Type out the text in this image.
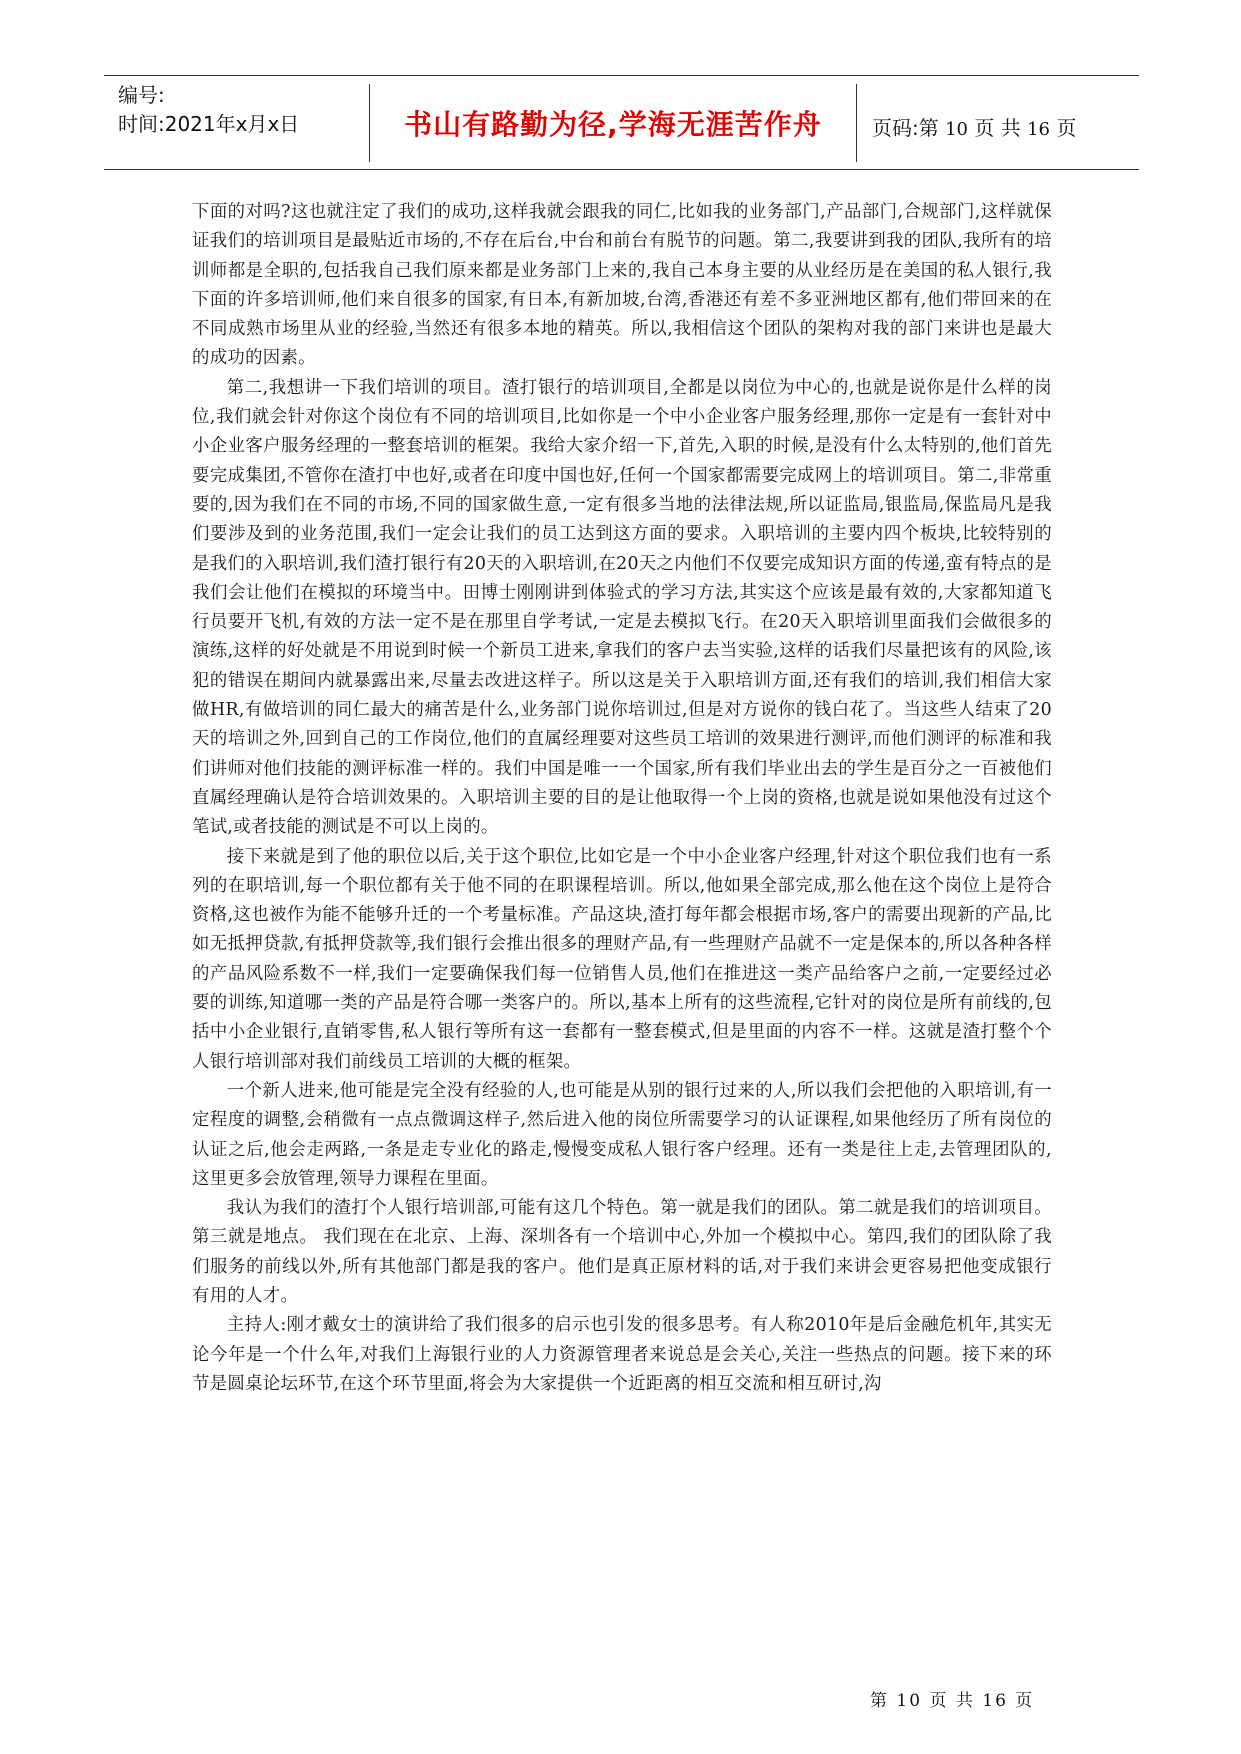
编号:
时间:2021年x月x日	书山有路勤为径,学海无涯苦作舟	页码:第 10 页 共 16 页

下面的对吗?这也就注定了我们的成功,这样我就会跟我的同仁,比如我的业务部门,产品部门,合规部门,这样就保证我们的培训项目是最贴近市场的,不存在后台,中台和前台有脱节的问题。第二,我要讲到我的团队,我所有的培训师都是全职的,包括我自己我们原来都是业务部门上来的,我自己本身主要的从业经历是在美国的私人银行,我下面的许多培训师,他们来自很多的国家,有日本,有新加坡,台湾,香港还有差不多亚洲地区都有,他们带回来的在不同成熟市场里从业的经验,当然还有很多本地的精英。所以,我相信这个团队的架构对我的部门来讲也是最大的成功的因素。

第二,我想讲一下我们培训的项目。渣打银行的培训项目,全都是以岗位为中心的,也就是说你是什么样的岗位,我们就会针对你这个岗位有不同的培训项目,比如你是一个中小企业客户服务经理,那你一定是有一套针对中小企业客户服务经理的一整套培训的框架。我给大家介绍一下,首先,入职的时候,是没有什么太特别的,他们首先要完成集团,不管你在渣打中也好,或者在印度中国也好,任何一个国家都需要完成网上的培训项目。第二,非常重要的,因为我们在不同的市场,不同的国家做生意,一定有很多当地的法律法规,所以证监局,银监局,保监局凡是我们要涉及到的业务范围,我们一定会让我们的员工达到这方面的要求。入职培训的主要内四个板块,比较特别的是我们的入职培训,我们渣打银行有20天的入职培训,在20天之内他们不仅要完成知识方面的传递,蛮有特点的是我们会让他们在模拟的环境当中。田博士刚刚讲到体验式的学习方法,其实这个应该是最有效的,大家都知道飞行员要开飞机,有效的方法一定不是在那里自学考试,一定是去模拟飞行。在20天入职培训里面我们会做很多的演练,这样的好处就是不用说到时候一个新员工进来,拿我们的客户去当实验,这样的话我们尽量把该有的风险,该犯的错误在期间内就暴露出来,尽量去改进这样子。所以这是关于入职培训方面,还有我们的培训,我们相信大家做HR,有做培训的同仁最大的痛苦是什么,业务部门说你培训过,但是对方说你的钱白花了。当这些人结束了20天的培训之外,回到自己的工作岗位,他们的直属经理要对这些员工培训的效果进行测评,而他们测评的标准和我们讲师对他们技能的测评标准一样的。我们中国是唯一一个国家,所有我们毕业出去的学生是百分之一百被他们直属经理确认是符合培训效果的。入职培训主要的目的是让他取得一个上岗的资格,也就是说如果他没有过这个笔试,或者技能的测试是不可以上岗的。

接下来就是到了他的职位以后,关于这个职位,比如它是一个中小企业客户经理,针对这个职位我们也有一系列的在职培训,每一个职位都有关于他不同的在职课程培训。所以,他如果全部完成,那么他在这个岗位上是符合资格,这也被作为能不能够升迁的一个考量标准。产品这块,渣打每年都会根据市场,客户的需要出现新的产品,比如无抵押贷款,有抵押贷款等,我们银行会推出很多的理财产品,有一些理财产品就不一定是保本的,所以各种各样的产品风险系数不一样,我们一定要确保我们每一位销售人员,他们在推进这一类产品给客户之前,一定要经过必要的训练,知道哪一类的产品是符合哪一类客户的。所以,基本上所有的这些流程,它针对的岗位是所有前线的,包括中小企业银行,直销零售,私人银行等所有这一套都有一整套模式,但是里面的内容不一样。这就是渣打整个个人银行培训部对我们前线员工培训的大概的框架。

一个新人进来,他可能是完全没有经验的人,也可能是从别的银行过来的人,所以我们会把他的入职培训,有一定程度的调整,会稍微有一点点微调这样子,然后进入他的岗位所需要学习的认证课程,如果他经历了所有岗位的认证之后,他会走两路,一条是走专业化的路走,慢慢变成私人银行客户经理。还有一类是往上走,去管理团队的,这里更多会放管理,领导力课程在里面。

我认为我们的渣打个人银行培训部,可能有这几个特色。第一就是我们的团队。第二就是我们的培训项目。第三就是地点。 我们现在在北京、上海、深圳各有一个培训中心,外加一个模拟中心。第四,我们的团队除了我们服务的前线以外,所有其他部门都是我的客户。他们是真正原材料的话,对于我们来讲会更容易把他变成银行有用的人才。

主持人:刚才戴女士的演讲给了我们很多的启示也引发的很多思考。有人称2010年是后金融危机年,其实无论今年是一个什么年,对我们上海银行业的人力资源管理者来说总是会关心,关注一些热点的问题。接下来的环节是圆桌论坛环节,在这个环节里面,将会为大家提供一个近距离的相互交流和相互研讨,沟

第 10 页 共 16 页
